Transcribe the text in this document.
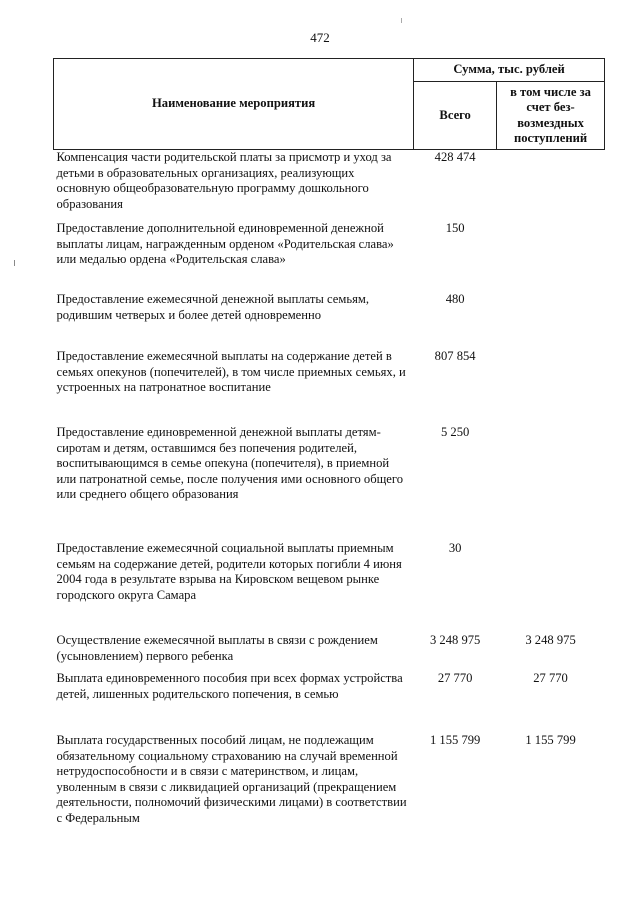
472
Наименование мероприятия	Сумма, тыс. рублей	
	Всего	в том числе за счет без-возмездных поступлений
Компенсация части родительской платы за присмотр и уход за детьми в образовательных организациях, реализующих основную общеобразовательную программу дошкольного образования	428 474	
Предоставление дополнительной единовременной денежной выплаты лицам, награжденным орденом «Родительская слава» или медалью ордена «Родительская слава»	150	
Предоставление ежемесячной денежной выплаты семьям, родившим четверых и более детей одновременно	480	
Предоставление ежемесячной выплаты на содержание детей в семьях опекунов (попечителей), в том числе приемных семьях, и устроенных на патронатное воспитание	807 854	
Предоставление единовременной денежной выплаты детям-сиротам и детям, оставшимся без попечения родителей, воспитывающимся в семье опекуна (попечителя), в приемной или патронатной семье, после получения ими основного общего или среднего общего образования	5 250	
Предоставление ежемесячной социальной выплаты приемным семьям на содержание детей, родители которых погибли 4 июня 2004 года в результате взрыва на Кировском вещевом рынке городского округа Самара	30	
Осуществление ежемесячной выплаты в связи с рождением (усыновлением) первого ребенка	3 248 975	3 248 975
Выплата единовременного пособия при всех формах устройства детей, лишенных родительского попечения, в семью	27 770	27 770
Выплата государственных пособий лицам, не подлежащим обязательному социальному страхованию на случай временной нетрудоспособности и в связи с материнством, и лицам, уволенным в связи с ликвидацией организаций (прекращением деятельности, полномочий физическими лицами) в соответствии с Федеральным	1 155 799	1 155 799
